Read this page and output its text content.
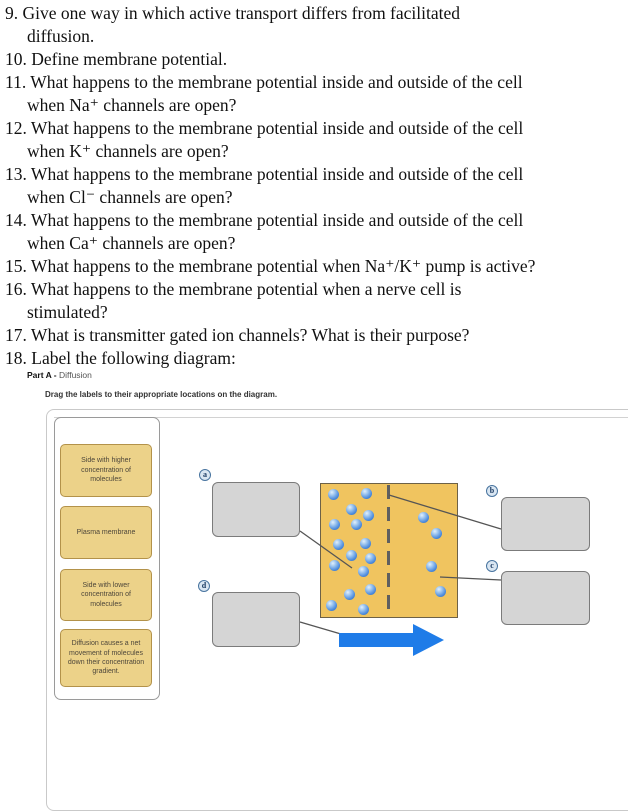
9. Give one way in which active transport differs from facilitated
diffusion.
10. Define membrane potential.
11. What happens to the membrane potential inside and outside of the cell
when Na⁺ channels are open?
12. What happens to the membrane potential inside and outside of the cell
when K⁺ channels are open?
13. What happens to the membrane potential inside and outside of the cell
when Cl⁻ channels are open?
14. What happens to the membrane potential inside and outside of the cell
when Ca⁺ channels are open?
15. What happens to the membrane potential when Na⁺/K⁺ pump is active?
16. What happens to the membrane potential when a nerve cell is
stimulated?
17. What is transmitter gated ion channels? What is their purpose?
18. Label the following diagram:
Part A - Diffusion
Drag the labels to their appropriate locations on the diagram.
Side with higher concentration of molecules
Plasma membrane
Side with lower concentration of molecules
Diffusion causes a net movement of molecules down their concentration gradient.
a
b
c
d
